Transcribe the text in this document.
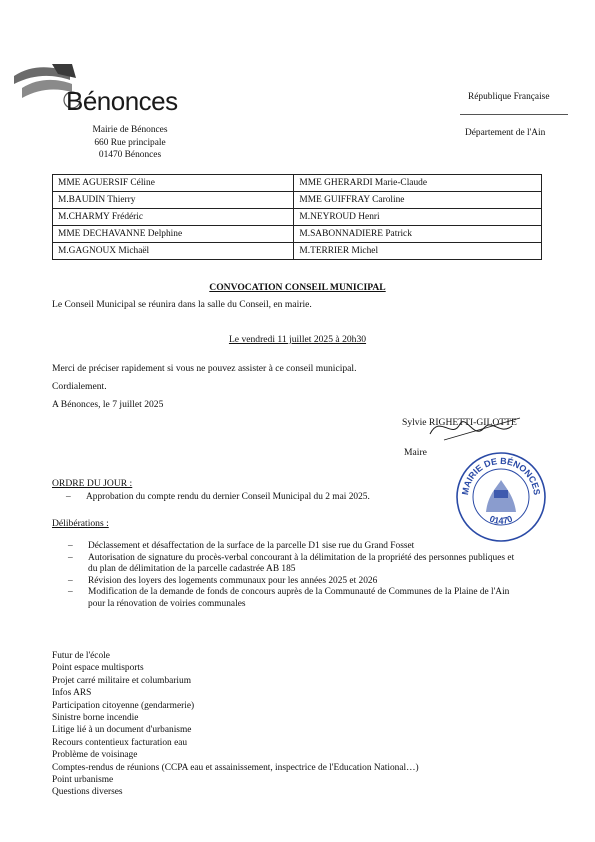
Bénonces
Mairie de Bénonces
660 Rue principale
01470 Bénonces
République Française
Département de l'Ain
MME AGUERSIF Céline	MME GHERARDI Marie-Claude
M.BAUDIN Thierry	MME GUIFFRAY Caroline
M.CHARMY Frédéric	M.NEYROUD Henri
MME DECHAVANNE Delphine	M.SABONNADIERE Patrick
M.GAGNOUX Michaël	M.TERRIER Michel
CONVOCATION CONSEIL MUNICIPAL
Le Conseil Municipal se réunira dans la salle du Conseil, en mairie.
Le vendredi 11 juillet 2025 à 20h30
Merci de préciser rapidement si vous ne pouvez assister à ce conseil municipal.
Cordialement.
A Bénonces, le 7 juillet 2025
Sylvie RIGHETTI-GILOTTE
Maire
MAIRIE DE BÉNONCES
01470
ORDRE DU JOUR :
– Approbation du compte rendu du dernier Conseil Municipal du 2 mai 2025.
Délibérations :
– Déclassement et désaffectation de la surface de la parcelle D1 sise rue du Grand Fosset
– Autorisation de signature du procès-verbal concourant à la délimitation de la propriété des personnes publiques et
du plan de délimitation de la parcelle cadastrée AB 185
– Révision des loyers des logements communaux pour les années 2025 et 2026
– Modification de la demande de fonds de concours auprès de la Communauté de Communes de la Plaine de l'Ain
pour la rénovation de voiries communales
Futur de l'école
Point espace multisports
Projet carré militaire et columbarium
Infos ARS
Participation citoyenne (gendarmerie)
Sinistre borne incendie
Litige lié à un document d'urbanisme
Recours contentieux facturation eau
Problème de voisinage
Comptes-rendus de réunions (CCPA eau et assainissement, inspectrice de l'Education National…)
Point urbanisme
Questions diverses
